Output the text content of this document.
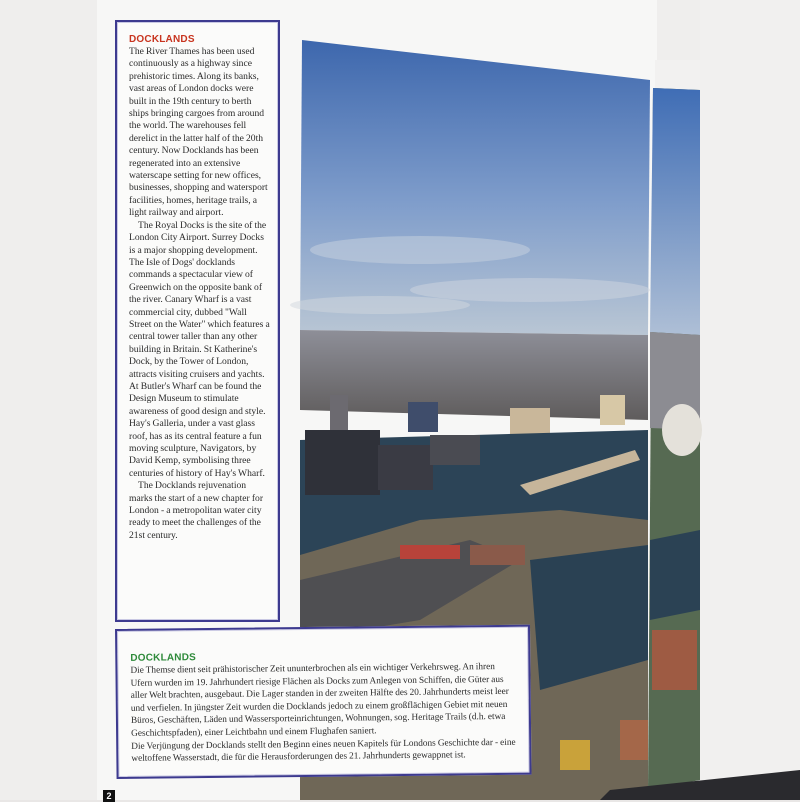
DOCKLANDS

The River Thames has been used continuously as a highway since prehistoric times. Along its banks, vast areas of London docks were built in the 19th century to berth ships bringing cargoes from around the world. The warehouses fell derelict in the latter half of the 20th century. Now Docklands has been regenerated into an extensive waterscape setting for new offices, businesses, shopping and watersport facilities, homes, heritage trails, a light railway and airport.

The Royal Docks is the site of the London City Airport. Surrey Docks is a major shopping development. The Isle of Dogs' docklands commands a spectacular view of Greenwich on the opposite bank of the river. Canary Wharf is a vast commercial city, dubbed "Wall Street on the Water" which features a central tower taller than any other building in Britain. St Katherine's Dock, by the Tower of London, attracts visiting cruisers and yachts. At Butler's Wharf can be found the Design Museum to stimulate awareness of good design and style. Hay's Galleria, under a vast glass roof, has as its central feature a fun moving sculpture, Navigators, by David Kemp, symbolising three centuries of history of Hay's Wharf.

The Docklands rejuvenation marks the start of a new chapter for London - a metropolitan water city ready to meet the challenges of the 21st century.

DOCKLANDS

Die Themse dient seit prähistorischer Zeit ununterbrochen als ein wichtiger Verkehrsweg. An ihren Ufern wurden im 19. Jahrhundert riesige Flächen als Docks zum Anlegen von Schiffen, die Güter aus aller Welt brachten, ausgebaut. Die Lager standen in der zweiten Hälfte des 20. Jahrhunderts meist leer und verfielen. In jüngster Zeit wurden die Docklands jedoch zu einem großflächigen Gebiet mit neuen Büros, Geschäften, Läden und Wassersporteinrichtungen, Wohnungen, sog. Heritage Trails (d.h. etwa Geschichtspfaden), einer Leichtbahn und einem Flughafen saniert.

Die Verjüngung der Docklands stellt den Beginn eines neuen Kapitels für Londons Geschichte dar - eine weltoffene Wasserstadt, die für die Herausforderungen des 21. Jahrhunderts gewappnet ist.

2
